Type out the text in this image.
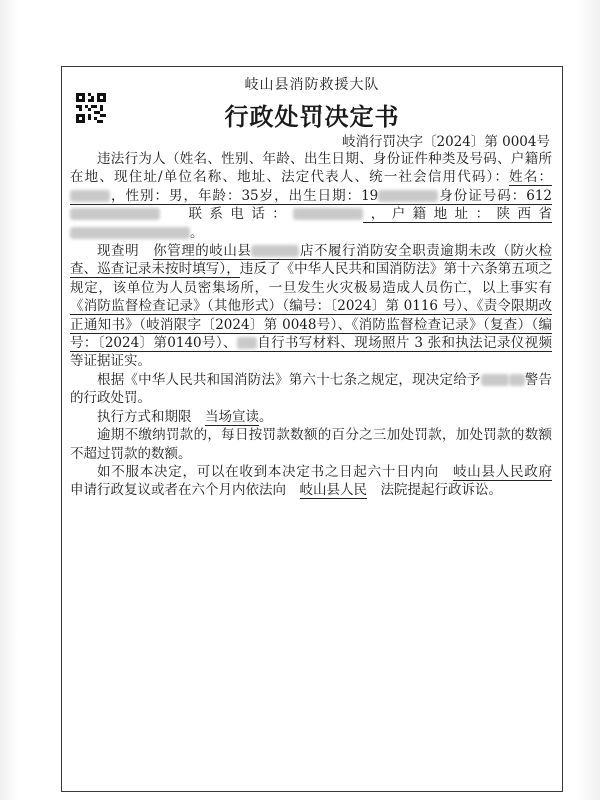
岐山县消防救援大队
行政处罚决定书
岐消行罚决字〔2024〕第 0004号

违法行为人（姓名、性别、年龄、出生日期、身份证件种类及号码、户籍所在地、现住址/单位名称、地址、法定代表人、统一社会信用代码）：姓名：，性别：男，年龄：35岁，出生日期：19	身份证号码：612　联系电话：	，户籍地址：陕西省。

现查明　 你管理的岐山县	店不履行消防安全职责逾期未改（防火检查、巡查记录未按时填写），违反了《中华人民共和国消防法》第十六条第五项之规定，该单位为人员密集场所，一旦发生火灾极易造成人员伤亡，以上事实有《消防监督检查记录》（其他形式）（编号：〔2024〕第 0116 号）、《责令限期改正通知书》（岐消限字〔2024〕第 0048号）、《消防监督检查记录》（复查）（编号：〔2024〕第0140号）、 自行书写材料、现场照片 3 张和执法记录仪视频等证据证实。

根据《中华人民共和国消防法》第六十七条之规定，现决定给予	警告的行政处罚。

执行方式和期限　 当场宣读。

逾期不缴纳罚款的，每日按罚款数额的百分之三加处罚款，加处罚款的数额不超过罚款的数额。

如不服本决定，可以在收到本决定书之日起六十日内向　 岐山县人民政府　申请行政复议或者在六个月内依法向　 岐山县人民　 法院提起行政诉讼。
